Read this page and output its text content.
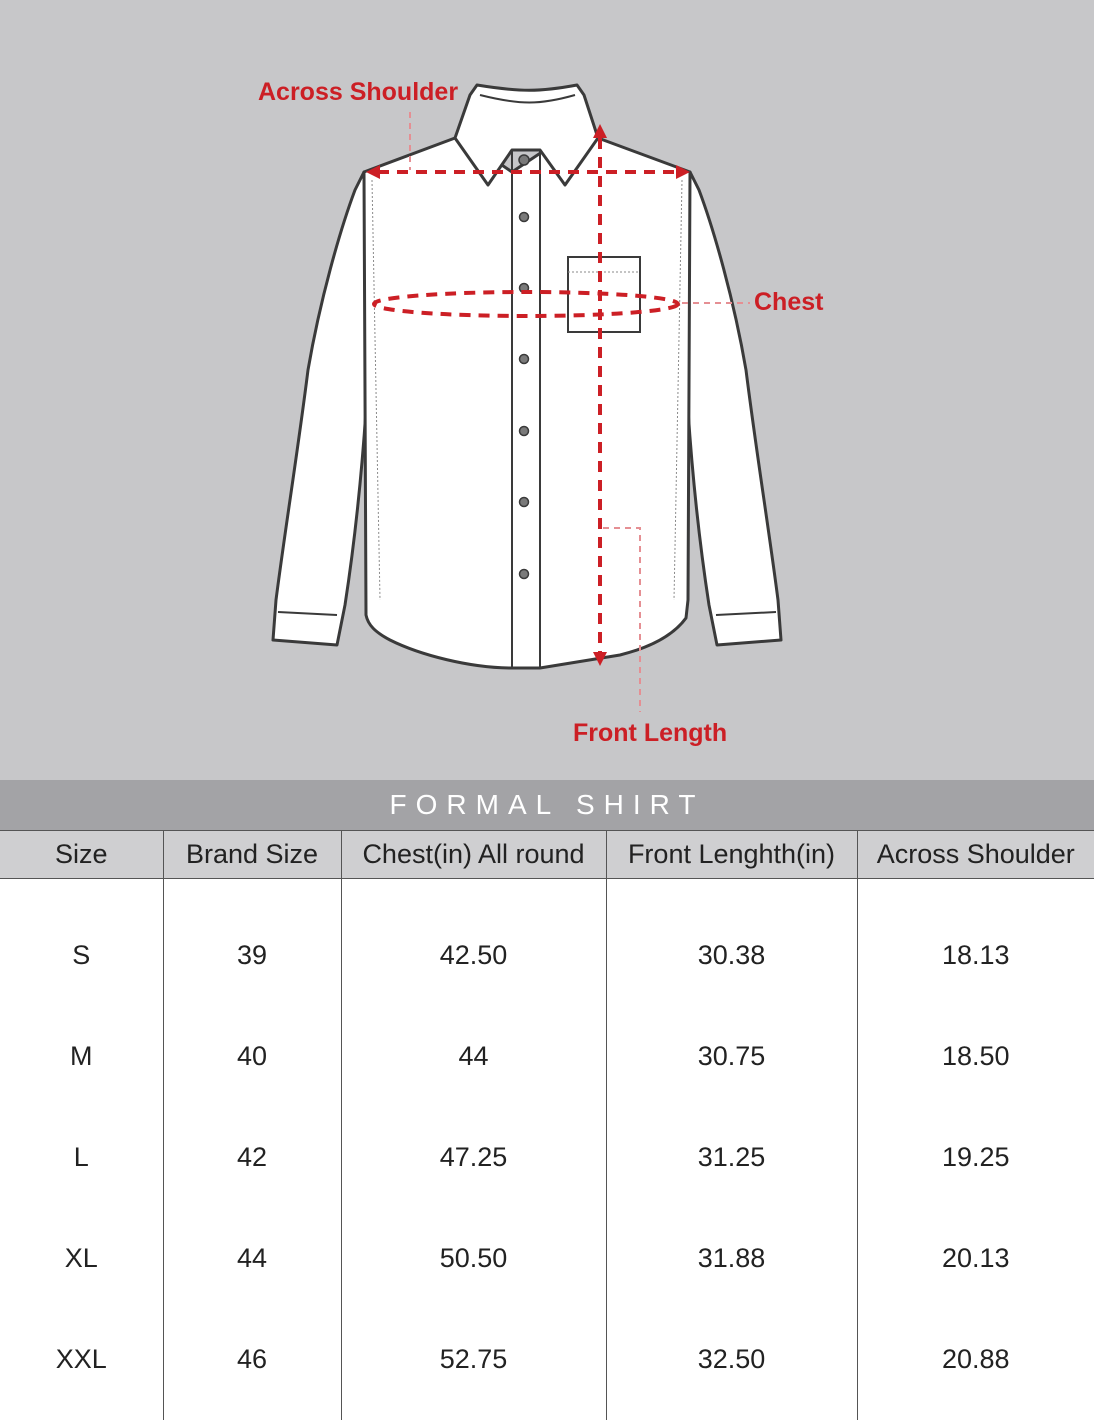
Across Shoulder
Chest
Front Length
FORMAL SHIRT
Size	Brand Size	Chest(in) All round	Front Lenghth(in)	Across Shoulder

S	39	42.50	30.38	18.13
M	40	44	30.75	18.50
L	42	47.25	31.25	19.25
XL	44	50.50	31.88	20.13
XXL	46	52.75	32.50	20.88
